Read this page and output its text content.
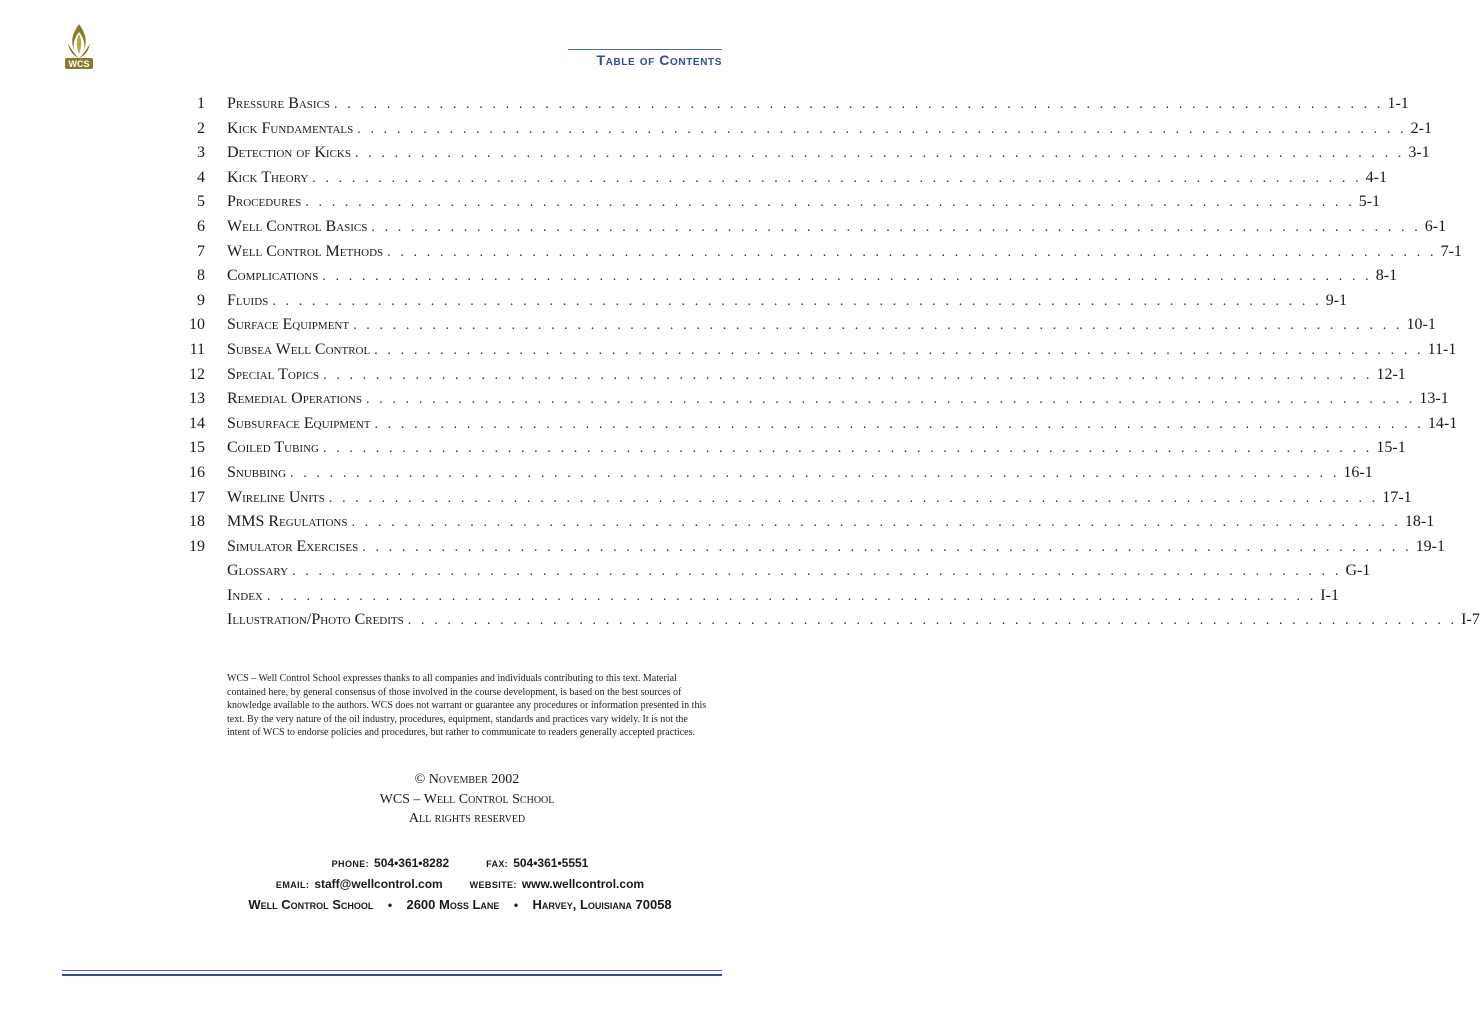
WCS	Table of Contents
1 Pressure Basics . . . . . . . . . . . . . . . . . . . . . . . . . . . . . . . . . . . . . . . . . . . . . . . . . . . . . . . . . . . . . . . . . . . . . . . . . . . . . . . . 1-1
2 Kick Fundamentals . . . . . . . . . . . . . . . . . . . . . . . . . . . . . . . . . . . . . . . . . . . . . . . . . . . . . . . . . . . . . . . . . . . . . . . . . . . . . . . . 2-1
3 Detection of Kicks . . . . . . . . . . . . . . . . . . . . . . . . . . . . . . . . . . . . . . . . . . . . . . . . . . . . . . . . . . . . . . . . . . . . . . . . . . . . . . . . 3-1
4 Kick Theory . . . . . . . . . . . . . . . . . . . . . . . . . . . . . . . . . . . . . . . . . . . . . . . . . . . . . . . . . . . . . . . . . . . . . . . . . . . . . . . . 4-1
5 Procedures . . . . . . . . . . . . . . . . . . . . . . . . . . . . . . . . . . . . . . . . . . . . . . . . . . . . . . . . . . . . . . . . . . . . . . . . . . . . . . . . 5-1
6 Well Control Basics . . . . . . . . . . . . . . . . . . . . . . . . . . . . . . . . . . . . . . . . . . . . . . . . . . . . . . . . . . . . . . . . . . . . . . . . . . . . . . . . 6-1
7 Well Control Methods . . . . . . . . . . . . . . . . . . . . . . . . . . . . . . . . . . . . . . . . . . . . . . . . . . . . . . . . . . . . . . . . . . . . . . . . . . . . . . . . 7-1
8 Complications . . . . . . . . . . . . . . . . . . . . . . . . . . . . . . . . . . . . . . . . . . . . . . . . . . . . . . . . . . . . . . . . . . . . . . . . . . . . . . . . 8-1
9 Fluids . . . . . . . . . . . . . . . . . . . . . . . . . . . . . . . . . . . . . . . . . . . . . . . . . . . . . . . . . . . . . . . . . . . . . . . . . . . . . . . . 9-1
10 Surface Equipment . . . . . . . . . . . . . . . . . . . . . . . . . . . . . . . . . . . . . . . . . . . . . . . . . . . . . . . . . . . . . . . . . . . . . . . . . . . . . . . . 10-1
11 Subsea Well Control . . . . . . . . . . . . . . . . . . . . . . . . . . . . . . . . . . . . . . . . . . . . . . . . . . . . . . . . . . . . . . . . . . . . . . . . . . . . . . . . 11-1
12 Special Topics . . . . . . . . . . . . . . . . . . . . . . . . . . . . . . . . . . . . . . . . . . . . . . . . . . . . . . . . . . . . . . . . . . . . . . . . . . . . . . . . 12-1
13 Remedial Operations . . . . . . . . . . . . . . . . . . . . . . . . . . . . . . . . . . . . . . . . . . . . . . . . . . . . . . . . . . . . . . . . . . . . . . . . . . . . . . . . 13-1
14 Subsurface Equipment . . . . . . . . . . . . . . . . . . . . . . . . . . . . . . . . . . . . . . . . . . . . . . . . . . . . . . . . . . . . . . . . . . . . . . . . . . . . . . . . 14-1
15 Coiled Tubing . . . . . . . . . . . . . . . . . . . . . . . . . . . . . . . . . . . . . . . . . . . . . . . . . . . . . . . . . . . . . . . . . . . . . . . . . . . . . . . . 15-1
16 Snubbing . . . . . . . . . . . . . . . . . . . . . . . . . . . . . . . . . . . . . . . . . . . . . . . . . . . . . . . . . . . . . . . . . . . . . . . . . . . . . . . . 16-1
17 Wireline Units . . . . . . . . . . . . . . . . . . . . . . . . . . . . . . . . . . . . . . . . . . . . . . . . . . . . . . . . . . . . . . . . . . . . . . . . . . . . . . . . 17-1
18 MMS Regulations . . . . . . . . . . . . . . . . . . . . . . . . . . . . . . . . . . . . . . . . . . . . . . . . . . . . . . . . . . . . . . . . . . . . . . . . . . . . . . . . 18-1
19 Simulator Exercises . . . . . . . . . . . . . . . . . . . . . . . . . . . . . . . . . . . . . . . . . . . . . . . . . . . . . . . . . . . . . . . . . . . . . . . . . . . . . . . . 19-1
Glossary . . . . . . . . . . . . . . . . . . . . . . . . . . . . . . . . . . . . . . . . . . . . . . . . . . . . . . . . . . . . . . . . . . . . . . . . . . . . . . . . G-1
Index . . . . . . . . . . . . . . . . . . . . . . . . . . . . . . . . . . . . . . . . . . . . . . . . . . . . . . . . . . . . . . . . . . . . . . . . . . . . . . . . I-1
Illustration/Photo Credits . . . . . . . . . . . . . . . . . . . . . . . . . . . . . . . . . . . . . . . . . . . . . . . . . . . . . . . . . . . . . . . . . . . . . . . . . . . . . . . . I-7
WCS – Well Control School expresses thanks to all companies and individuals contributing to this text. Material contained here, by general consensus of those involved in the course development, is based on the best sources of knowledge available to the authors. WCS does not warrant or guarantee any procedures or information presented in this text. By the very nature of the oil industry, procedures, equipment, standards and practices vary widely. It is not the intent of WCS to endorse policies and procedures, but rather to communicate to readers generally accepted practices.
© November 2002
WCS – Well Control School
All rights reserved
PHONE: 504•361•8282	FAX: 504•361•5551
EMAIL: staff@wellcontrol.com	WEBSITE: www.wellcontrol.com
Well Control School • 2600 Moss Lane • Harvey, Louisiana 70058
